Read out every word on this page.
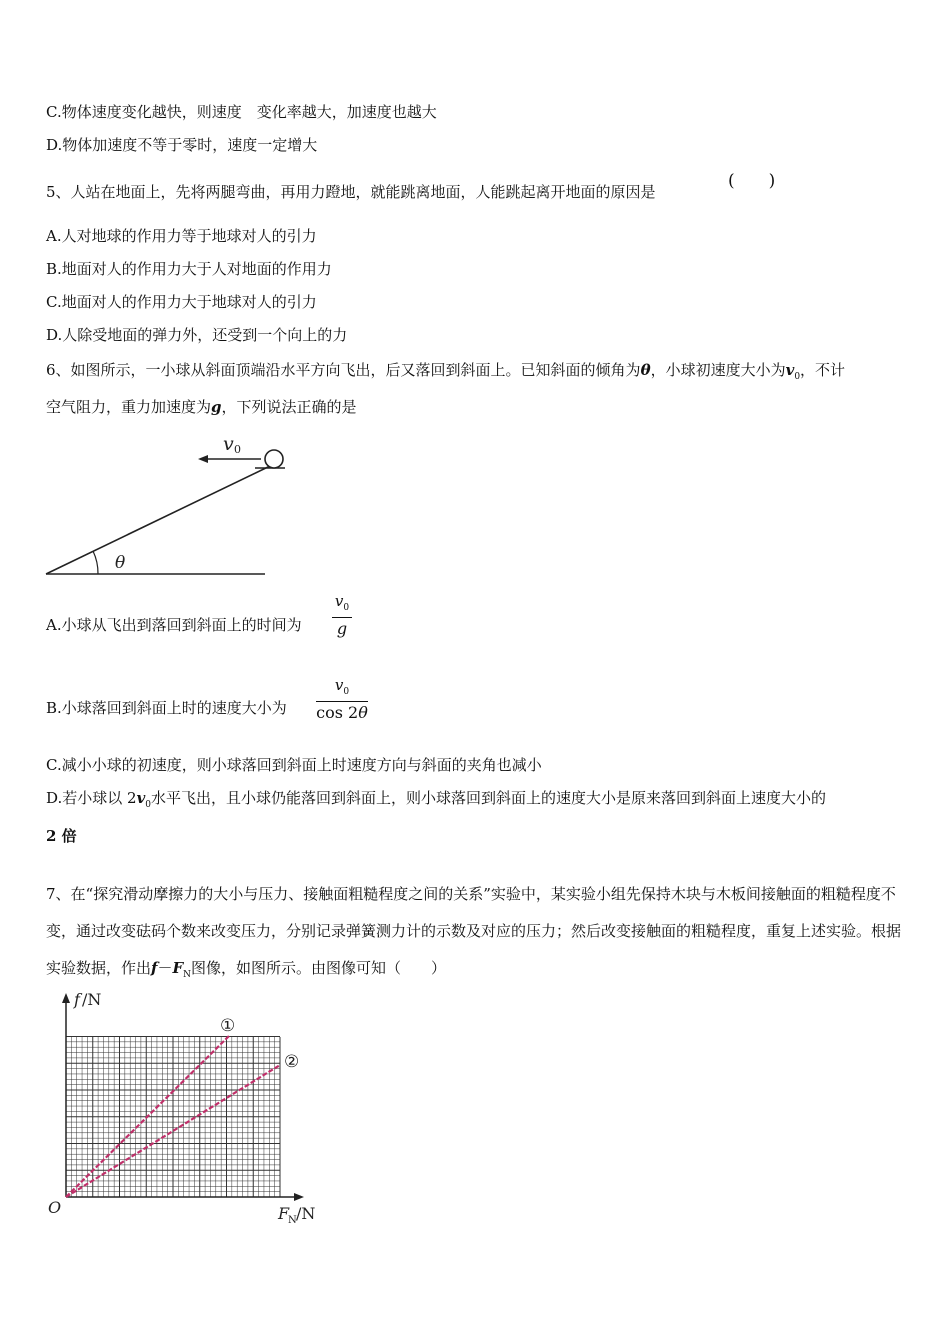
C.物体速度变化越快，则速度　变化率越大，加速度也越大
D.物体加速度不等于零时，速度一定增大
5、人站在地面上，先将两腿弯曲，再用力蹬地，就能跳离地面，人能跳起离开地面的原因是
(　　)
A.人对地球的作用力等于地球对人的引力
B.地面对人的作用力大于人对地面的作用力
C.地面对人的作用力大于地球对人的引力
D.人除受地面的弹力外，还受到一个向上的力
6、如图所示，一小球从斜面顶端沿水平方向飞出，后又落回到斜面上。已知斜面的倾角为θ，小球初速度大小为$v_0$，不计
空气阻力，重力加速度为g，下列说法正确的是
v 0
θ
A.小球从飞出到落回到斜面上的时间为
$v_0$
g
B.小球落回到斜面上时的速度大小为
$v_0$
cos 2θ
C.减小小球的初速度，则小球落回到斜面上时速度方向与斜面的夹角也减小
D.若小球以 $2v_0$水平飞出，且小球仍能落回到斜面上，则小球落回到斜面上的速度大小是原来落回到斜面上速度大小的
2 倍
7、在“探究滑动摩擦力的大小与压力、接触面粗糙程度之间的关系”实验中，某实验小组先保持木块与木板间接触面的粗糙程度不变，通过改变砝码个数来改变压力，分别记录弹簧测力计的示数及对应的压力；然后改变接触面的粗糙程度，重复上述实验。根据实验数据，作出$f-F_N$图像，如图所示。由图像可知（　　）
f /N
①
②
O	F
N /N
